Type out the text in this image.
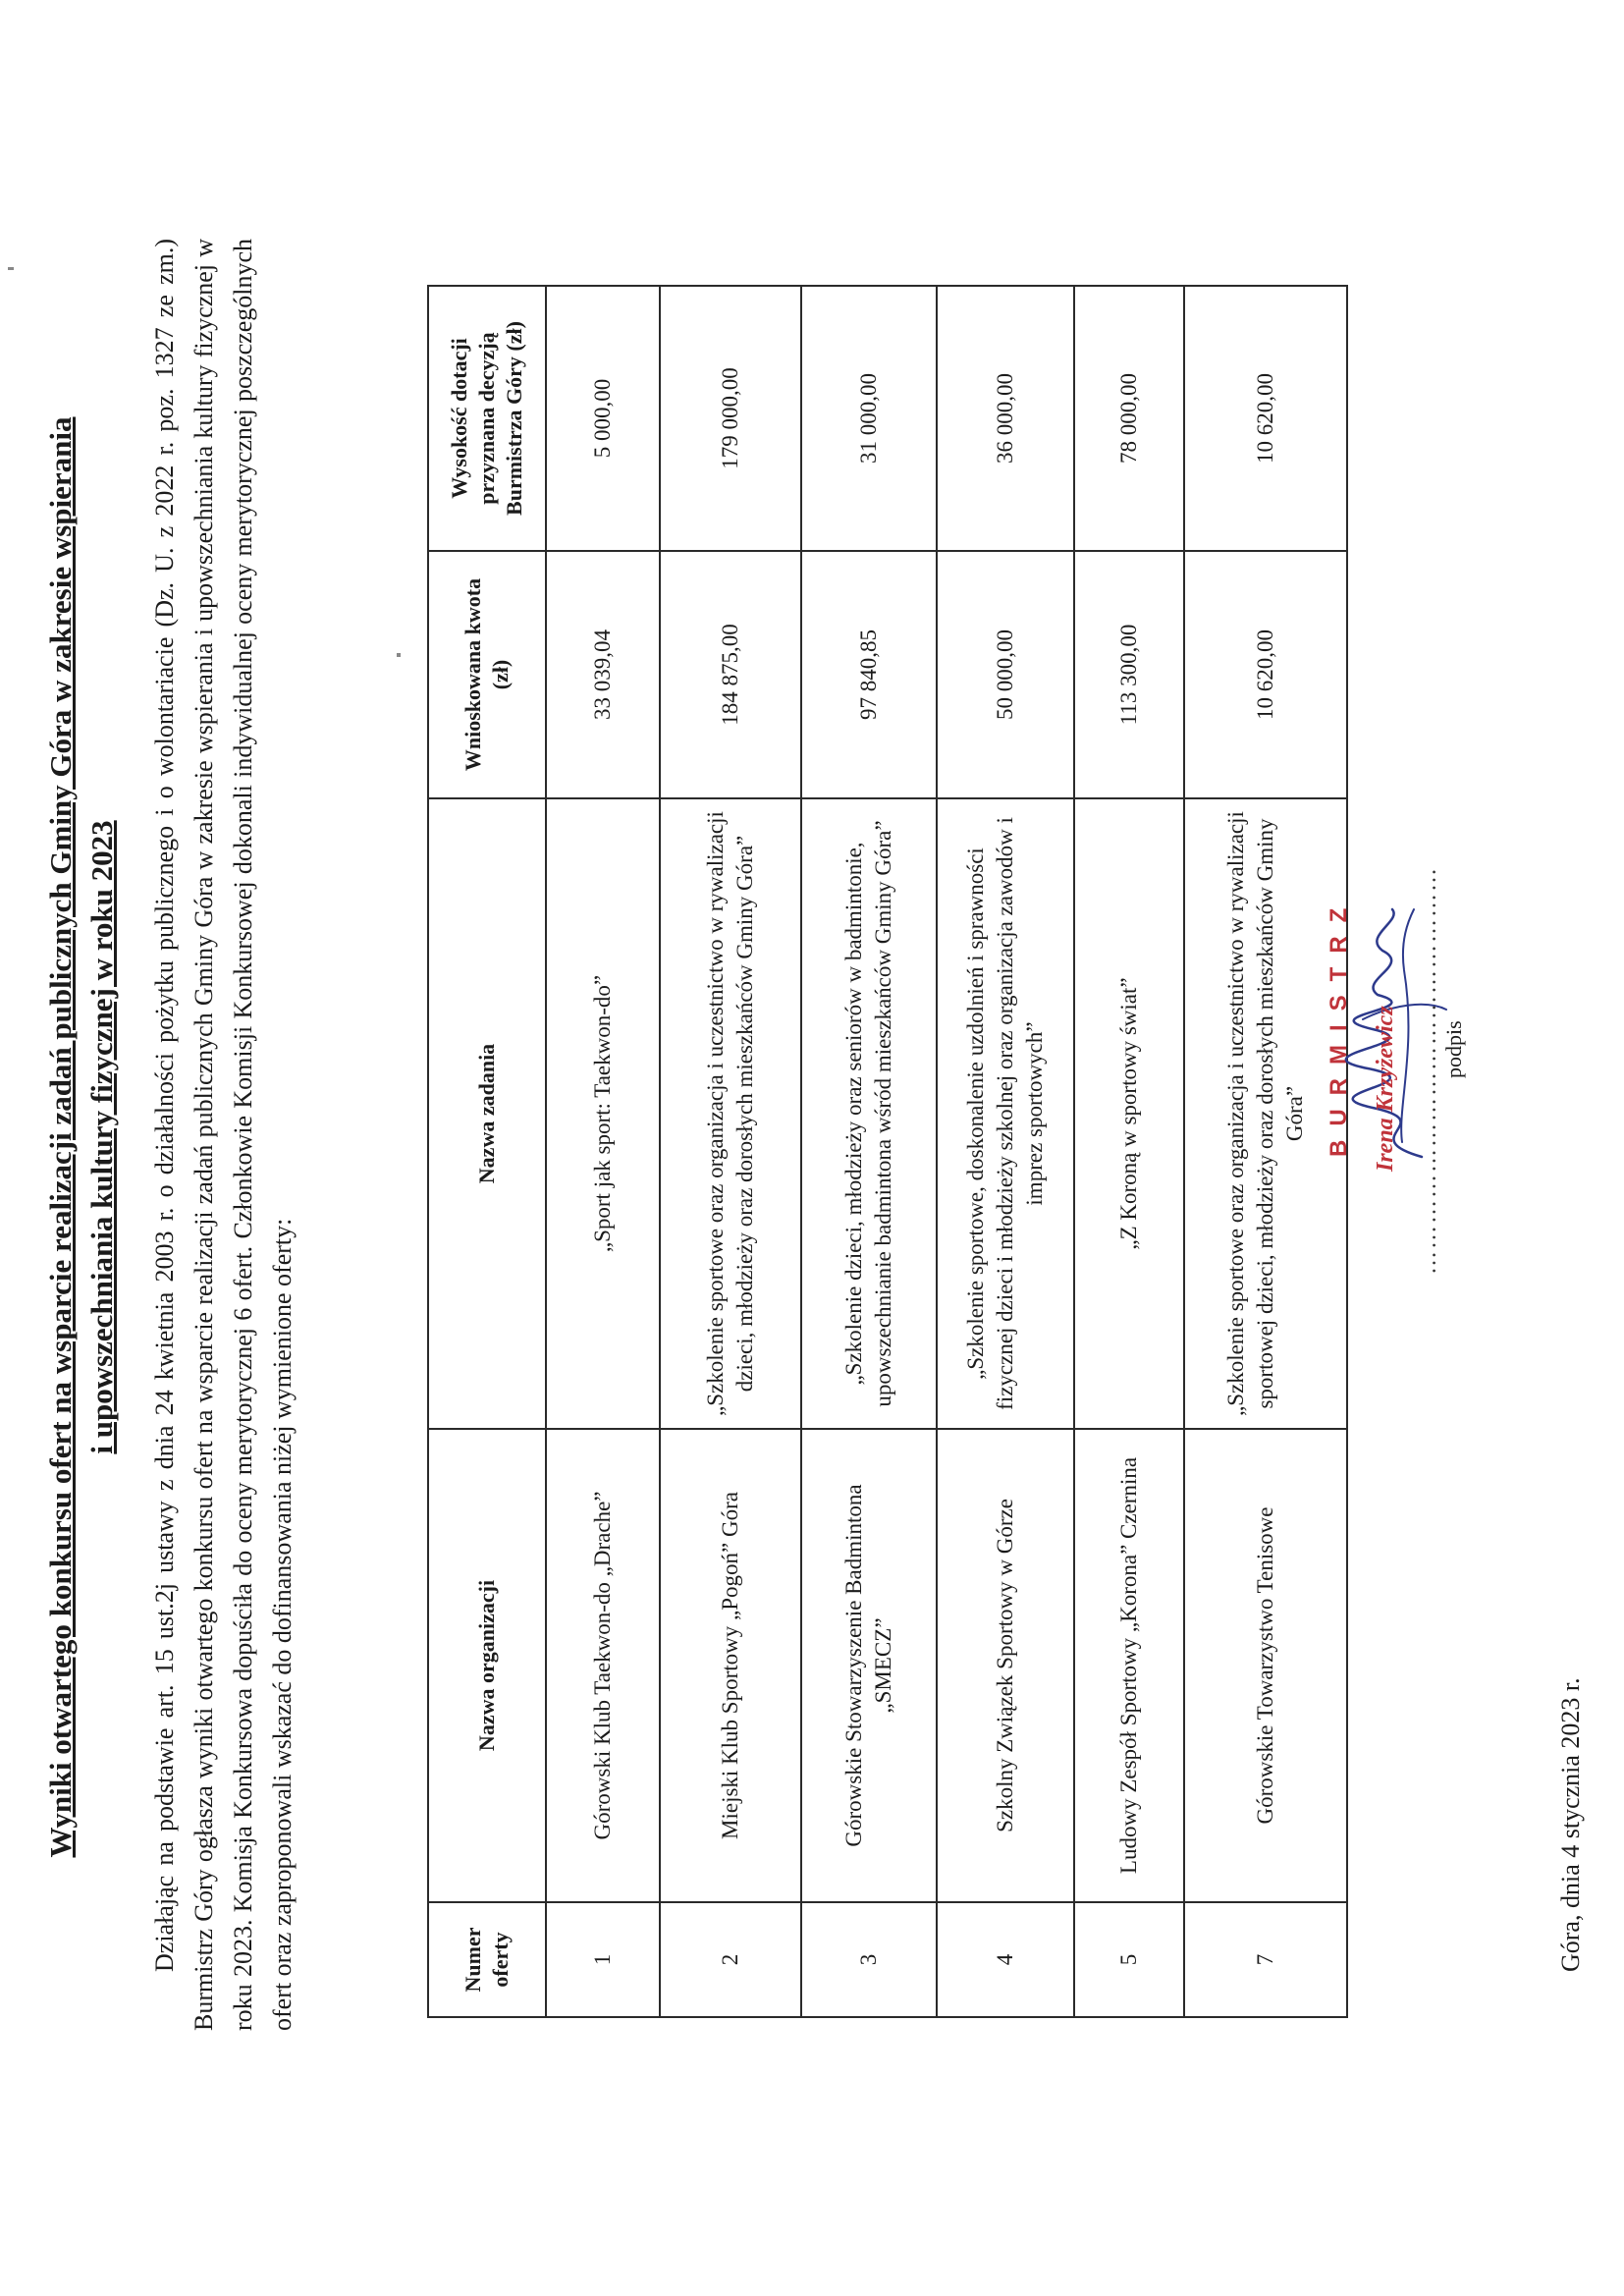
Wyniki otwartego konkursu ofert na wsparcie realizacji zadań publicznych Gminy Góra w zakresie wspierania i upowszechniania kultury fizycznej w roku 2023 Działając na podstawie art. 15 ust.2j ustawy z dnia 24 kwietnia 2003 r. o działalności pożytku publicznego i o wolontariacie (Dz. U. z 2022 r. poz. 1327 ze zm.) Burmistrz Góry ogłasza wyniki otwartego konkursu ofert na wsparcie realizacji zadań publicznych Gminy Góra w zakresie wspierania i upowszechniania kultury fizycznej w roku 2023. Komisja Konkursowa dopuściła do oceny merytorycznej 6 ofert. Członkowie Komisji Konkursowej dokonali indywidualnej oceny merytorycznej poszczególnych ofert oraz zaproponowali wskazać do dofinansowania niżej wymienione oferty:	Numer oferty	Nazwa organizacji	Nazwa zadania	Wnioskowana kwota (zł)	Wysokość dotacji przyznana decyzją Burmistrza Góry (zł)
1	Górowski Klub Taekwon-do „Drache”	„Sport jak sport: Taekwon-do”	33 039,04	5 000,00
2	Miejski Klub Sportowy „Pogoń” Góra	„Szkolenie sportowe oraz organizacja i uczestnictwo w rywalizacji dzieci, młodzieży oraz dorosłych mieszkańców Gminy Góra”	184 875,00	179 000,00
3	Górowskie Stowarzyszenie Badmintona „SMECZ”	„Szkolenie dzieci, młodzieży oraz seniorów w badmintonie, upowszechnianie badmintona wśród mieszkańców Gminy Góra”	97 840,85	31 000,00
4	Szkolny Związek Sportowy w Górze	„Szkolenie sportowe, doskonalenie uzdolnień i sprawności fizycznej dzieci i młodzieży szkolnej oraz organizacja zawodów i imprez sportowych”	50 000,00	36 000,00
5	Ludowy Zespół Sportowy „Korona” Czernina	„Z Koroną w sportowy świat”	113 300,00	78 000,00
7	Górowskie Towarzystwo Tenisowe	„Szkolenie sportowe oraz organizacja i uczestnictwo w rywalizacji sportowej dzieci, młodzieży oraz dorosłych mieszkańców Gminy Góra”	10 620,00	10 620,00
Góra, dnia 4 stycznia 2023 r.
BURMISTRZ Irena Krzyżewicz ………………………………………… podpis
